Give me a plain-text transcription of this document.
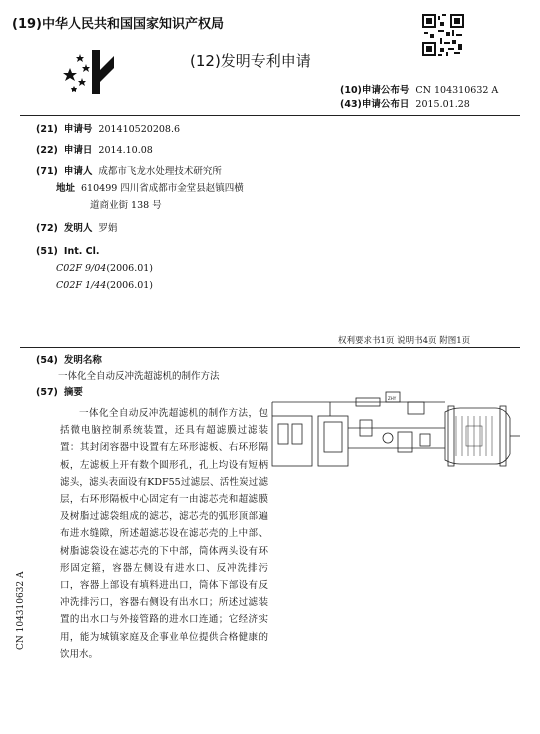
(19)中华人民共和国国家知识产权局
(12)发明专利申请
(10)申请公布号 CN 104310632 A
(43)申请公布日 2015.01.28
(21) 申请号 201410520208.6
(22) 申请日 2014.10.08
(71) 申请人 成都市飞龙水处理技术研究所
地址 610499 四川省成都市金堂县赵镇四横
道商业街 138 号
(72) 发明人 罗娟
(51) Int. Cl.
C02F 9/04 (2006.01)
C02F 1/44 (2006.01)
权利要求书1页 说明书4页 附图1页
(54) 发明名称
一体化全自动反冲洗超滤机的制作方法
(57) 摘要
一体化全自动反冲洗超滤机的制作方法，包括微电脑控制系统装置，还具有超滤膜过滤装置：其封闭容器中设置有左环形滤板、右环形隔板，左滤板上开有数个圆形孔，孔上均设有短柄滤头，滤头表面设有KDF55过滤层、活性炭过滤层，右环形隔板中心固定有一由滤芯壳和超滤膜及树脂过滤袋组成的滤芯，滤芯壳的弧形顶部遍布进水缝隙，所述超滤芯设在滤芯壳的上中部、树脂滤袋设在滤芯壳的下中部，筒体两头设有环形固定箍，容器左侧设有进水口、反冲洗排污口，容器上部设有填料进出口，筒体下部设有反冲洗排污口，容器右侧设有出水口；所述过滤装置的出水口与外接管路的进水口连通；它经济实用，能为城镇家庭及企事业单位提供合格健康的饮用水。
ZHY
CN 104310632 A
